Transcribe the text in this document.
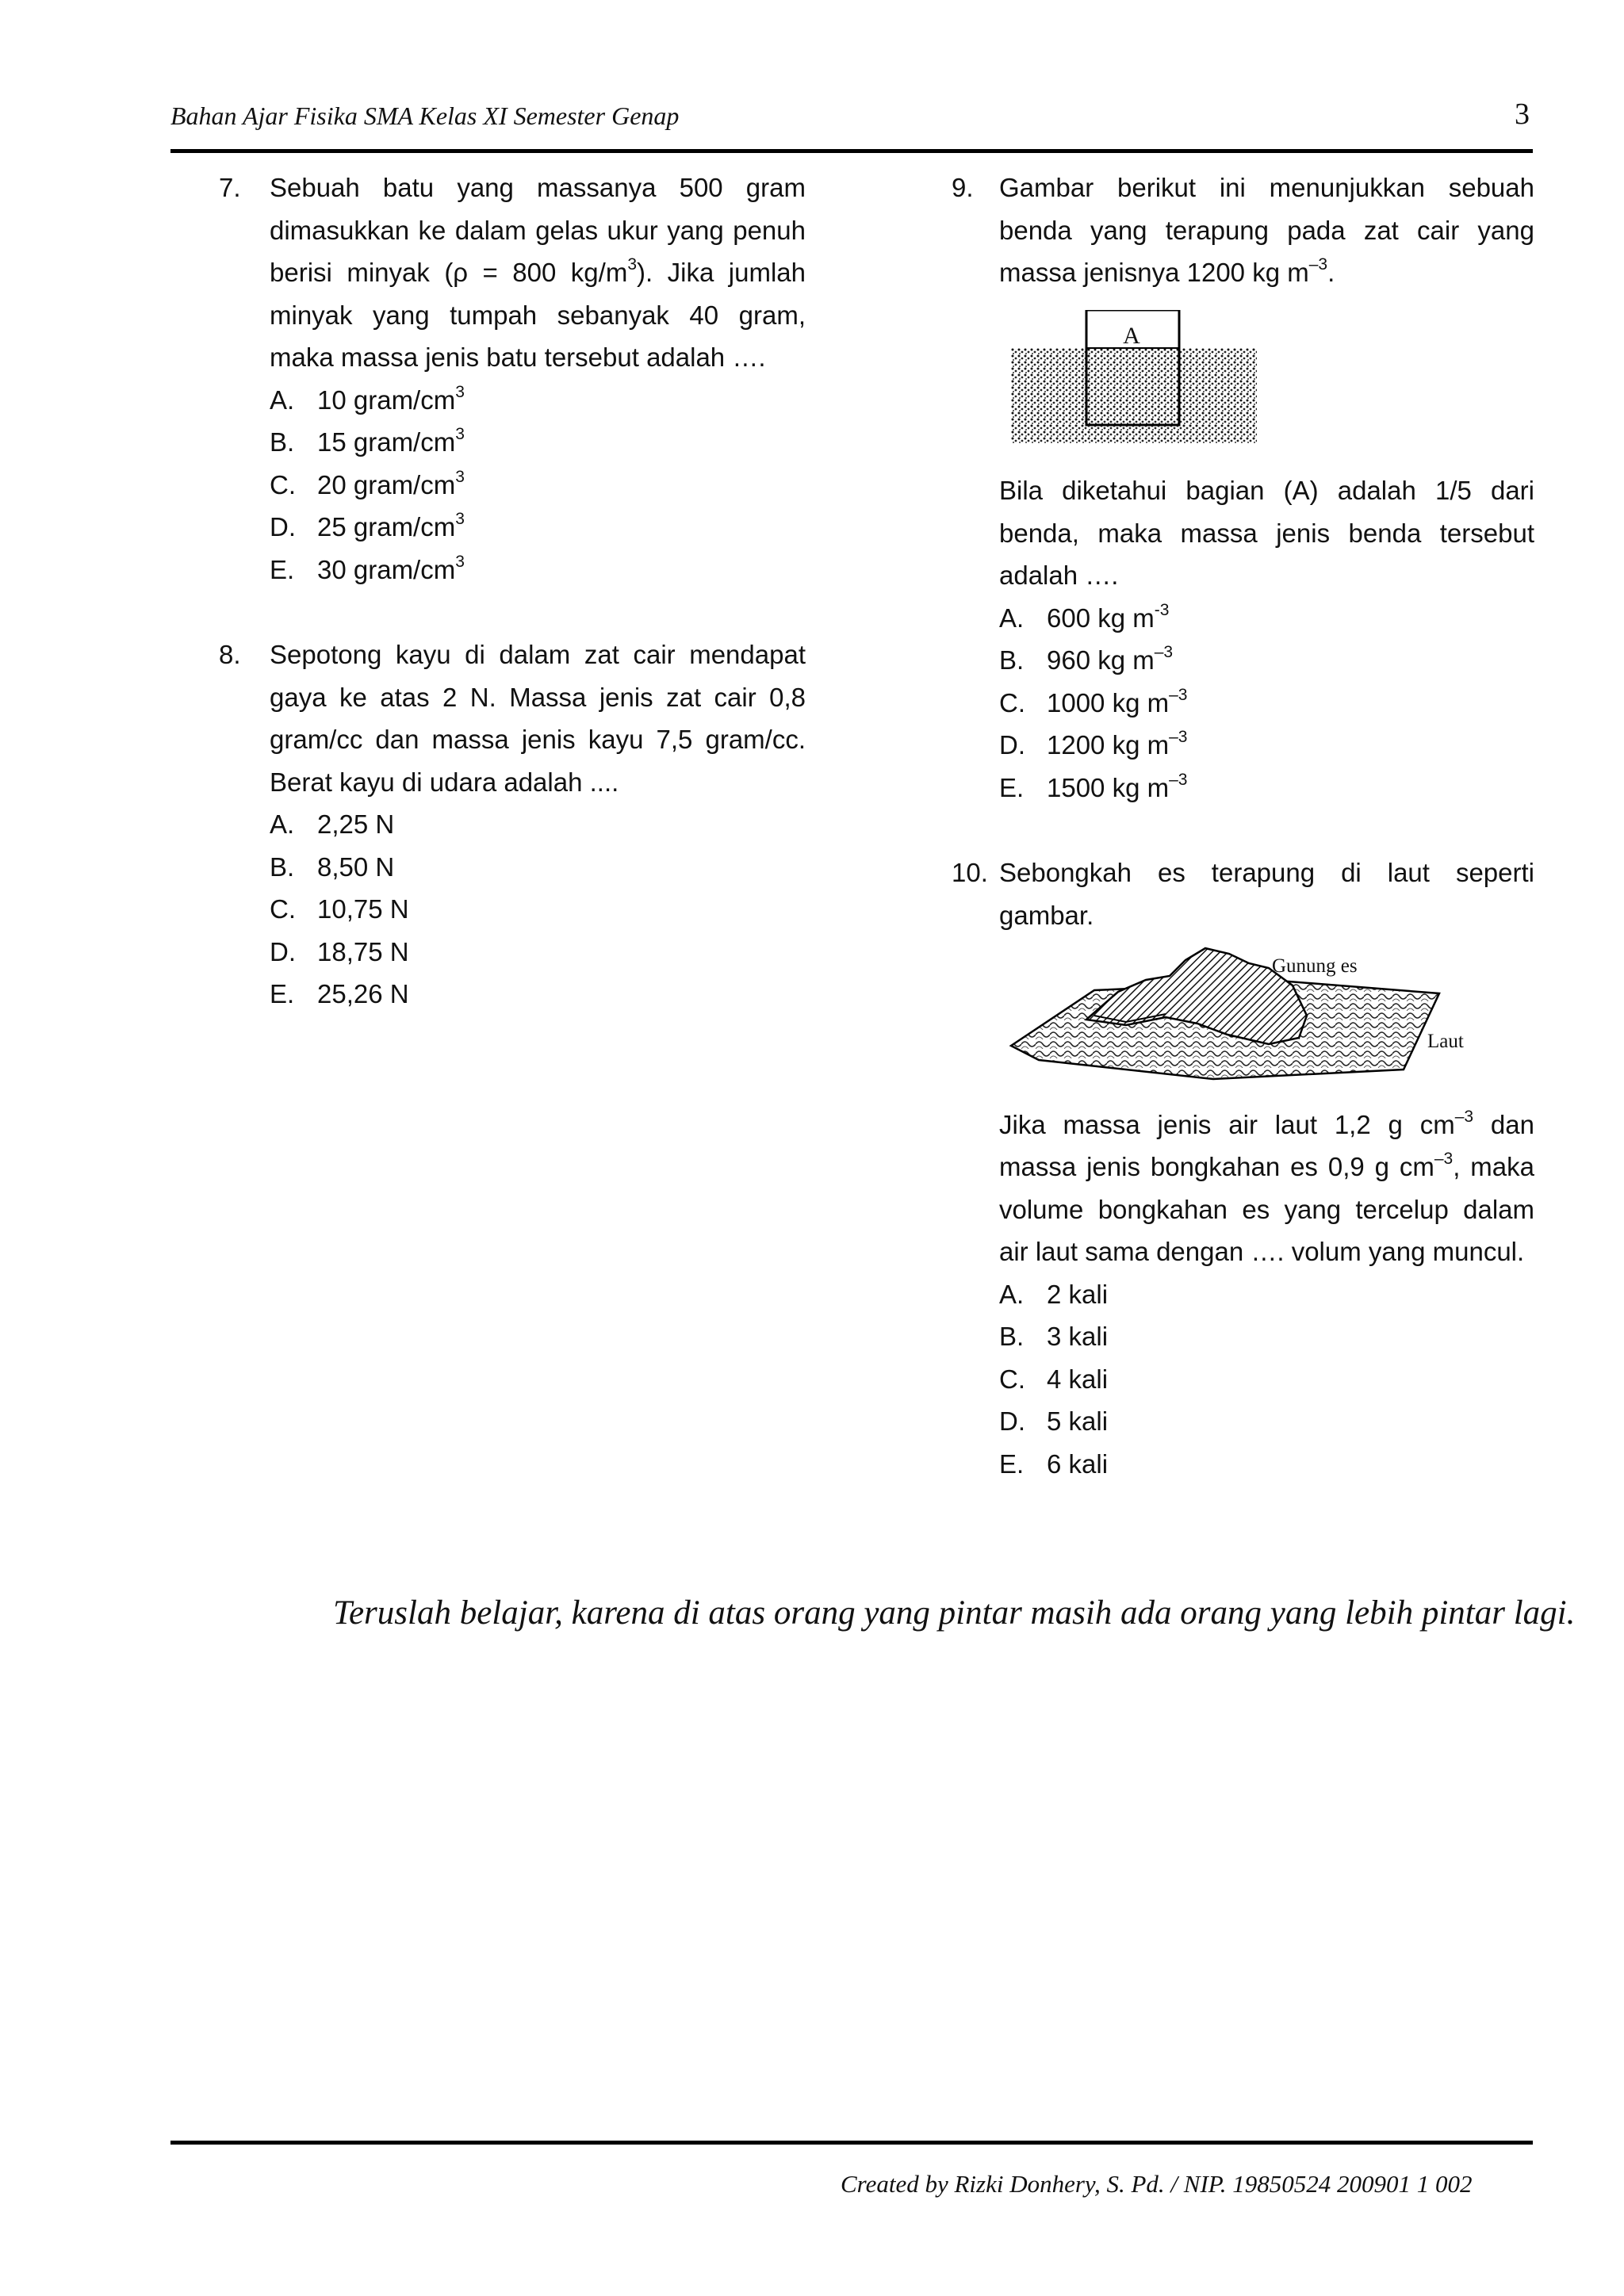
Bahan Ajar Fisika SMA Kelas XI Semester Genap	3
7.	Sebuah batu yang massanya 500 gram dimasukkan ke dalam gelas ukur yang penuh berisi minyak (ρ = 800 $kg/m^3$). Jika jumlah minyak yang tumpah sebanyak 40 gram, maka massa jenis batu tersebut adalah ….
A. 10 gram/$cm^3$
B. 15 gram/$cm^3$
C. 20 gram/$cm^3$
D. 25 gram/$cm^3$
E. 30 gram/$cm^3$
8.	Sepotong kayu di dalam zat cair mendapat gaya ke atas 2 N. Massa jenis zat cair 0,8 gram/cc dan massa jenis kayu 7,5 gram/cc. Berat kayu di udara adalah ....
A. 2,25 N
B. 8,50 N
C. 10,75 N
D. 18,75 N
E. 25,26 N
9. Gambar berikut ini menunjukkan sebuah benda yang terapung pada zat cair yang massa jenisnya 1200 kg $m^{-3}$.
A
Bila diketahui bagian (A) adalah 1/5 dari benda, maka massa jenis benda tersebut adalah ….
A. 600 kg $m^{-3}$
B. 960 kg $m^{-3}$
C. 1000 kg $m^{-3}$
D. 1200 kg $m^{-3}$
E. 1500 kg $m^{-3}$
10. Sebongkah es terapung di laut seperti gambar.
Gunung es
Laut
Jika massa jenis air laut 1,2 g $cm^{-3}$ dan massa jenis bongkahan es 0,9 g $cm^{-3}$, maka volume bongkahan es yang tercelup dalam air laut sama dengan …. volum yang muncul.
A. 2 kali
B. 3 kali
C. 4 kali
D. 5 kali
E. 6 kali
Teruslah belajar, karena di atas orang yang pintar masih ada orang yang lebih pintar lagi.
Created by Rizki Donhery, S. Pd. / NIP. 19850524 200901 1 002
